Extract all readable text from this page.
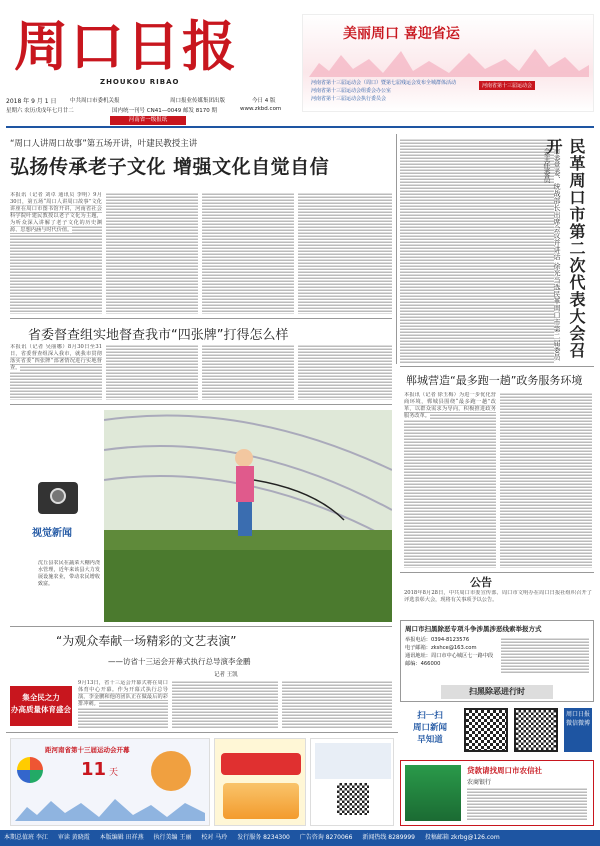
周口日报
ZHOUKOU RIBAO
2018 年 9 月 1 日 中共周口市委机关报	周口报业传媒集团出版	今日 4 版
星期六 农历戊戌年七月廿二	国内统一刊号 CN41—0049 邮发 8170 期	www.zkbd.com
河南省一级报纸
美丽周口 喜迎省运
河南省第十三届运动会（周口）暨第七届残运会发布全城群体活动
河南省第十三届运动会组委会办公室
河南省第十三届运动会执行委员会
河南省第十三届运动会
“周口人讲周口故事”第五场开讲，叶建民教授主讲
弘扬传承老子文化 增强文化自觉自信
本报讯（记者 刘卓 通讯员 李明）9月30日，第五场“周口人讲周口故事”文化讲座在周口市图书馆开讲，河南省社会科学院叶建民教授以老子文化为主题，为听众深入讲解了老子文化的历史渊源、思想内涵与时代价值。	民革周口市第二次代表大会召开
市委常委、统战部长出席会议并讲话 徐光当选民革周口市第二届委员会主任委员
省委督查组实地督查我市“四张牌”打得怎么样
本报讯（记者 吴丽娜）8月30日至31日，省委督查组深入我市，就我市贯彻落实省委“四张牌”部署情况进行实地督查。
郸城营造“最多跑一趟”政务服务环境
本报讯（记者 徐玉梅）为进一步优化营商环境，郸城县围绕“最多跑一趟”改革，以群众需求为导向，积极推进政务服务改革。
视觉新闻
沈丘县农民在蔬菜大棚内浇水管理，近年来该县大力发展设施农业，带动农民增收致富。	公告
2018年8月28日，中共周口市委宣传部、周口市文明办在周口日报社组织召开了评选表彰大会，现将有关事项予以公告。
周口市扫黑除恶专项斗争涉黑涉恶线索举报方式
举报电话：0394-8123576
电子邮箱：zkshce@163.com
通讯地址：周口市中心城区七一路中段
邮编：466000
扫黑除恶进行时
“为观众奉献一场精彩的文艺表演”
——访省十三运会开幕式执行总导演李金鹏
记者 王凯
9月13日，省十三运会开幕式将在周口体育中心开幕。作为开幕式执行总导演，李金鹏和他的团队正在做最后的彩排冲刺。
集全民之力
办高质量体育盛会
扫一扫
周口新闻
早知道
周口日报
微信微博
距河南省第十三届运动会开幕
11 天	贷款请找周口市农信社
农商银行
本期总值班 李江 审读 黄晓霞 本版编辑 田祥燕 执行美编 王丽 校对 马玲 发行服务 8234300 广告咨询 8270066 新闻热线 8289999 投稿邮箱 zkrbg@126.com
